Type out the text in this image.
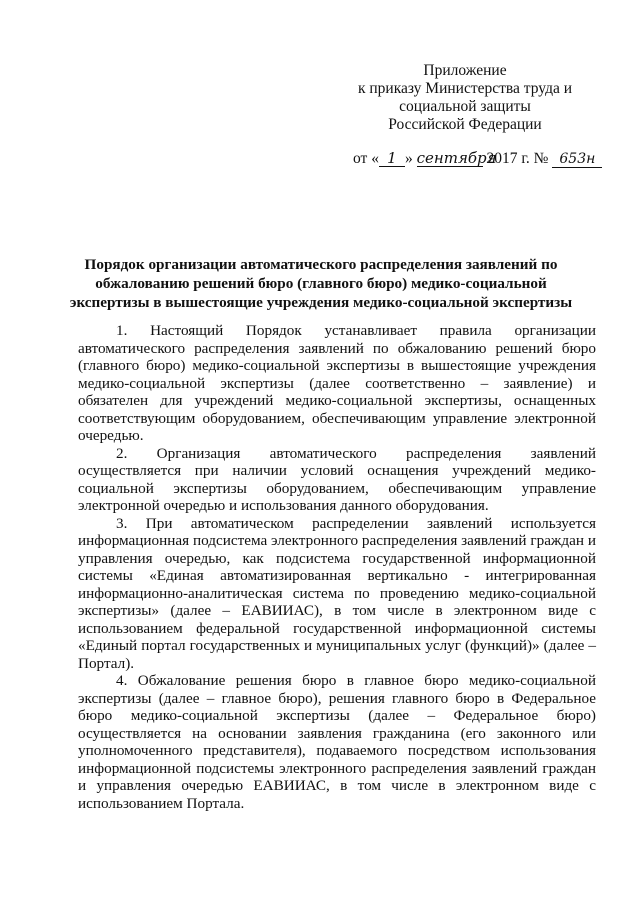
Приложение
к приказу Министерства труда и
социальной защиты
Российской Федерации
от « 1 » сентября 2017 г. № 653н
Порядок организации автоматического распределения заявлений по
обжалованию решений бюро (главного бюро) медико-социальной
экспертизы в вышестоящие учреждения медико-социальной экспертизы

1. Настоящий Порядок устанавливает правила организации автоматического распределения заявлений по обжалованию решений бюро (главного бюро) медико-социальной экспертизы в вышестоящие учреждения медико-социальной экспертизы (далее соответственно – заявление) и обязателен для учреждений медико-социальной экспертизы, оснащенных соответствующим оборудованием, обеспечивающим управление электронной очередью.

2. Организация автоматического распределения заявлений осуществляется при наличии условий оснащения учреждений медико-социальной экспертизы оборудованием, обеспечивающим управление электронной очередью и использования данного оборудования.

3. При автоматическом распределении заявлений используется информационная подсистема электронного распределения заявлений граждан и управления очередью, как подсистема государственной информационной системы «Единая автоматизированная вертикально - интегрированная информационно-аналитическая система по проведению медико-социальной экспертизы» (далее – ЕАВИИАС), в том числе в электронном виде с использованием федеральной государственной информационной системы «Единый портал государственных и муниципальных услуг (функций)» (далее – Портал).

4. Обжалование решения бюро в главное бюро медико-социальной экспертизы (далее – главное бюро), решения главного бюро в Федеральное бюро медико-социальной экспертизы (далее – Федеральное бюро) осуществляется на основании заявления гражданина (его законного или уполномоченного представителя), подаваемого посредством использования информационной подсистемы электронного распределения заявлений граждан и управления очередью ЕАВИИАС, в том числе в электронном виде с использованием Портала.
